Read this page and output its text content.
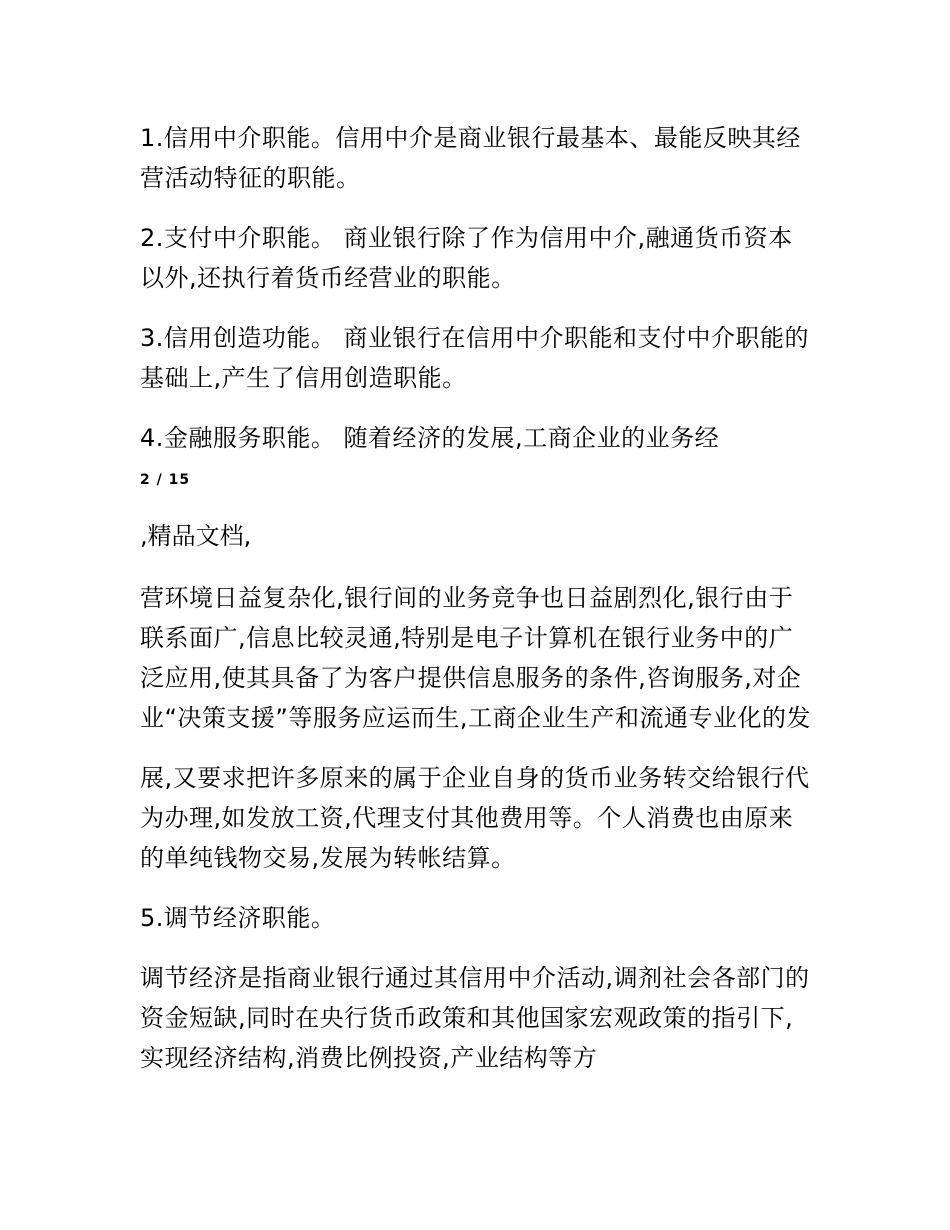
1.信用中介职能。信用中介是商业银行最基本、最能反映其经营活动特征的职能。

2.支付中介职能。 商业银行除了作为信用中介,融通货币资本以外,还执行着货币经营业的职能。

3.信用创造功能。 商业银行在信用中介职能和支付中介职能的基础上,产生了信用创造职能。

4.金融服务职能。 随着经济的发展,工商企业的业务经

2 / 15
,精品文档,

营环境日益复杂化,银行间的业务竞争也日益剧烈化,银行由于联系面广,信息比较灵通,特别是电子计算机在银行业务中的广泛应用,使其具备了为客户提供信息服务的条件,咨询服务,对企业“决策支援”等服务应运而生,工商企业生产和流通专业化的发

展,又要求把许多原来的属于企业自身的货币业务转交给银行代为办理,如发放工资,代理支付其他费用等。个人消费也由原来的单纯钱物交易,发展为转帐结算。

5.调节经济职能。

调节经济是指商业银行通过其信用中介活动,调剂社会各部门的资金短缺,同时在央行货币政策和其他国家宏观政策的指引下,实现经济结构,消费比例投资,产业结构等方
